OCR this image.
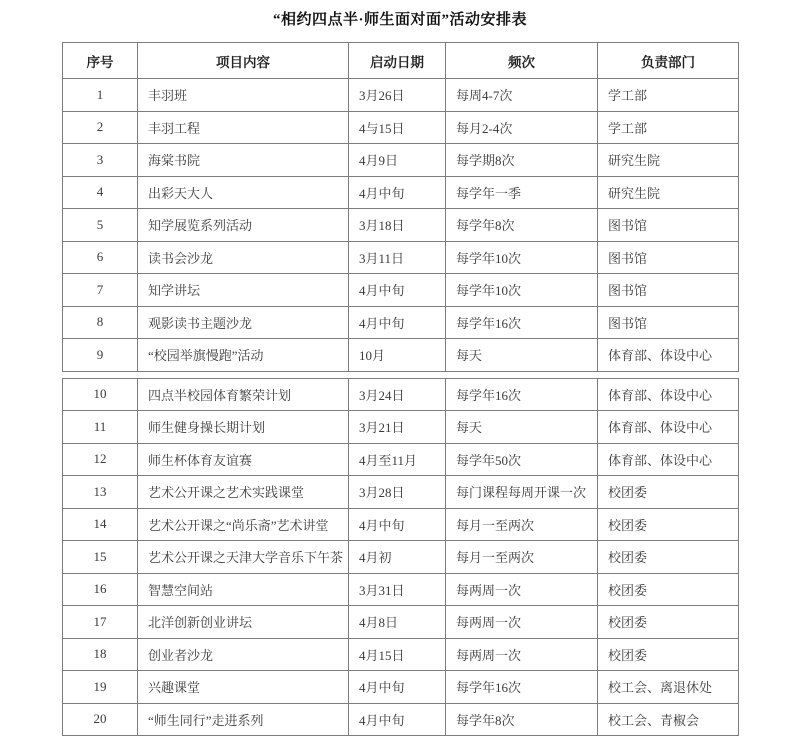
“相约四点半·师生面对面”活动安排表
序号	项目内容	启动日期	频次	负责部门
1	丰羽班	3月26日	每周4-7次	学工部
2	丰羽工程	4与15日	每月2-4次	学工部
3	海棠书院	4月9日	每学期8次	研究生院
4	出彩天大人	4月中旬	每学年一季	研究生院
5	知学展览系列活动	3月18日	每学年8次	图书馆
6	读书会沙龙	3月11日	每学年10次	图书馆
7	知学讲坛	4月中旬	每学年10次	图书馆
8	观影读书主题沙龙	4月中旬	每学年16次	图书馆
9	“校园举旗慢跑”活动	10月	每天	体育部、体设中心
10	四点半校园体育繁荣计划	3月24日	每学年16次	体育部、体设中心
11	师生健身操长期计划	3月21日	每天	体育部、体设中心
12	师生杯体育友谊赛	4月至11月	每学年50次	体育部、体设中心
13	艺术公开课之艺术实践课堂	3月28日	每门课程每周开课一次	校团委
14	艺术公开课之“尚乐斋”艺术讲堂	4月中旬	每月一至两次	校团委
15	艺术公开课之天津大学音乐下午茶	4月初	每月一至两次	校团委
16	智慧空间站	3月31日	每两周一次	校团委
17	北洋创新创业讲坛	4月8日	每两周一次	校团委
18	创业者沙龙	4月15日	每两周一次	校团委
19	兴趣课堂	4月中旬	每学年16次	校工会、离退休处
20	“师生同行”走进系列	4月中旬	每学年8次	校工会、青椒会
